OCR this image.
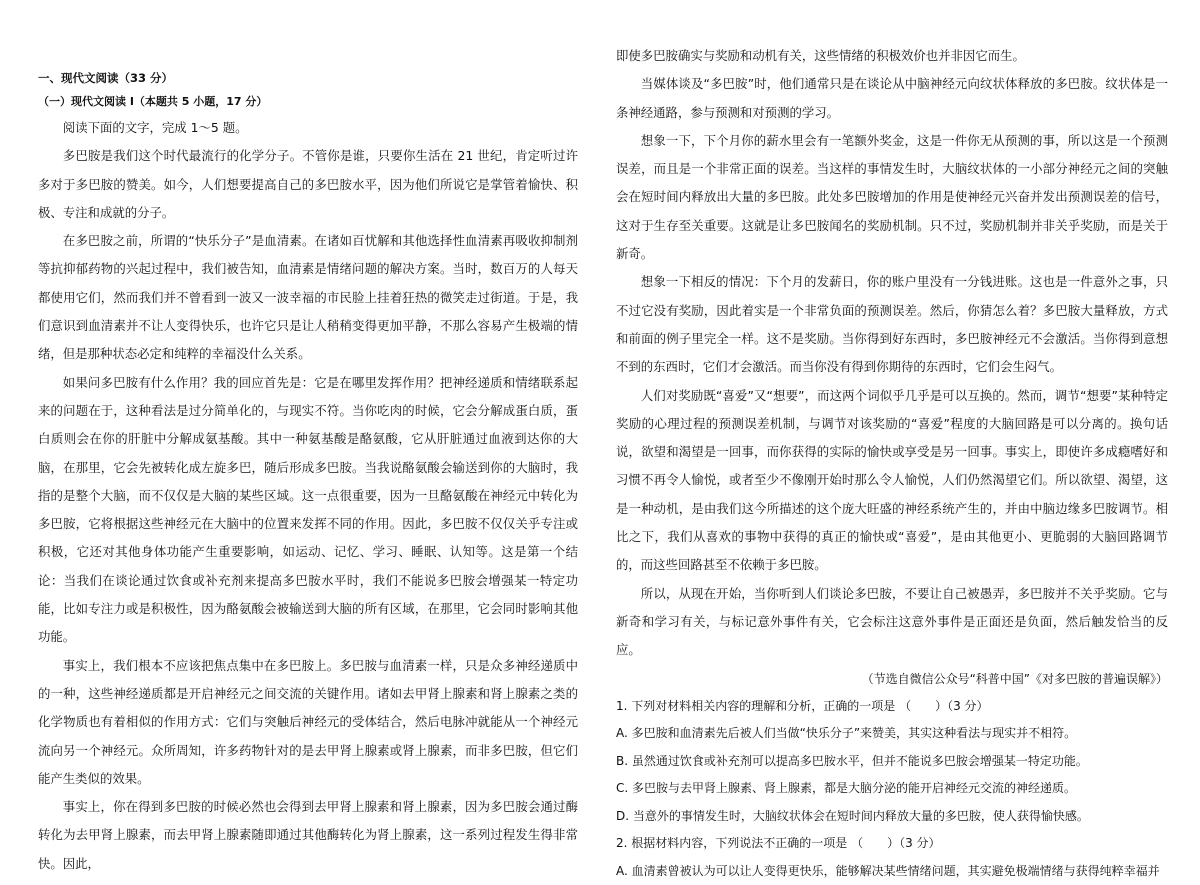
一、现代文阅读（33 分）

（一）现代文阅读 I（本题共 5 小题，17 分）

阅读下面的文字，完成 1～5 题。

多巴胺是我们这个时代最流行的化学分子。不管你是谁，只要你生活在 21 世纪，肯定听过许多对于多巴胺的赞美。如今，人们想要提高自己的多巴胺水平，因为他们所说它是掌管着愉快、积极、专注和成就的分子。

在多巴胺之前，所谓的“快乐分子”是血清素。在诸如百忧解和其他选择性血清素再吸收抑制剂等抗抑郁药物的兴起过程中，我们被告知，血清素是情绪问题的解决方案。当时，数百万的人每天都使用它们，然而我们并不曾看到一波又一波幸福的市民脸上挂着狂热的微笑走过街道。于是，我们意识到血清素并不让人变得快乐，也许它只是让人稍稍变得更加平静，不那么容易产生极端的情绪，但是那种状态必定和纯粹的幸福没什么关系。

如果问多巴胺有什么作用？我的回应首先是：它是在哪里发挥作用？把神经递质和情绪联系起来的问题在于，这种看法是过分简单化的，与现实不符。当你吃肉的时候，它会分解成蛋白质，蛋白质则会在你的肝脏中分解成氨基酸。其中一种氨基酸是酪氨酸，它从肝脏通过血液到达你的大脑，在那里，它会先被转化成左旋多巴，随后形成多巴胺。当我说酪氨酸会输送到你的大脑时，我指的是整个大脑，而不仅仅是大脑的某些区域。这一点很重要，因为一旦酪氨酸在神经元中转化为多巴胺，它将根据这些神经元在大脑中的位置来发挥不同的作用。因此，多巴胺不仅仅关乎专注或积极，它还对其他身体功能产生重要影响，如运动、记忆、学习、睡眠、认知等。这是第一个结论：当我们在谈论通过饮食或补充剂来提高多巴胺水平时，我们不能说多巴胺会增强某一特定功能，比如专注力或是积极性，因为酪氨酸会被输送到大脑的所有区域，在那里，它会同时影响其他功能。

事实上，我们根本不应该把焦点集中在多巴胺上。多巴胺与血清素一样，只是众多神经递质中的一种，这些神经递质都是开启神经元之间交流的关键作用。诸如去甲肾上腺素和肾上腺素之类的化学物质也有着相似的作用方式：它们与突触后神经元的受体结合，然后电脉冲就能从一个神经元流向另一个神经元。众所周知，许多药物针对的是去甲肾上腺素或肾上腺素，而非多巴胺，但它们能产生类似的效果。

事实上，你在得到多巴胺的时候必然也会得到去甲肾上腺素和肾上腺素，因为多巴胺会通过酶转化为去甲肾上腺素，而去甲肾上腺素随即通过其他酶转化为肾上腺素，这一系列过程发生得非常快。因此，

即使多巴胺确实与奖励和动机有关，这些情绪的积极效价也并非因它而生。

当媒体谈及“多巴胺”时，他们通常只是在谈论从中脑神经元向纹状体释放的多巴胺。纹状体是一条神经通路，参与预测和对预测的学习。

想象一下，下个月你的薪水里会有一笔额外奖金，这是一件你无从预测的事，所以这是一个预测误差，而且是一个非常正面的误差。当这样的事情发生时，大脑纹状体的一小部分神经元之间的突触会在短时间内释放出大量的多巴胺。此处多巴胺增加的作用是使神经元兴奋并发出预测误差的信号，这对于生存至关重要。这就是让多巴胺闻名的奖励机制。只不过，奖励机制并非关乎奖励，而是关于新奇。

想象一下相反的情况：下个月的发薪日，你的账户里没有一分钱进账。这也是一件意外之事，只不过它没有奖励，因此着实是一个非常负面的预测误差。然后，你猜怎么着？多巴胺大量释放，方式和前面的例子里完全一样。这不是奖励。当你得到好东西时，多巴胺神经元不会激活。当你得到意想不到的东西时，它们才会激活。而当你没有得到你期待的东西时，它们会生闷气。

人们对奖励既“喜爱”又“想要”，而这两个词似乎几乎是可以互换的。然而，调节“想要”某种特定奖励的心理过程的预测误差机制，与调节对该奖励的“喜爱”程度的大脑回路是可以分离的。换句话说，欲望和渴望是一回事，而你获得的实际的愉快或享受是另一回事。事实上，即使许多成瘾嗜好和习惯不再令人愉悦，或者至少不像刚开始时那么令人愉悦，人们仍然渴望它们。所以欲望、渴望，这是一种动机，是由我们这今所描述的这个庞大旺盛的神经系统产生的，并由中脑边缘多巴胺调节。相比之下，我们从喜欢的事物中获得的真正的愉快或“喜爱”，是由其他更小、更脆弱的大脑回路调节的，而这些回路甚至不依赖于多巴胺。

所以，从现在开始，当你听到人们谈论多巴胺，不要让自己被愚弄，多巴胺并不关乎奖励。它与新奇和学习有关，与标记意外事件有关，它会标注这意外事件是正面还是负面，然后触发恰当的反应。

（节选自微信公众号“科普中国”《对多巴胺的普遍误解》）

1. 下列对材料相关内容的理解和分析，正确的一项是 （　　）（3 分）

A. 多巴胺和血清素先后被人们当做“快乐分子”来赞美，其实这种看法与现实并不相符。

B. 虽然通过饮食或补充剂可以提高多巴胺水平，但并不能说多巴胺会增强某一特定功能。

C. 多巴胺与去甲肾上腺素、肾上腺素，都是大脑分泌的能开启神经元交流的神经递质。

D. 当意外的事情发生时，大脑纹状体会在短时间内释放大量的多巴胺，使人获得愉快感。

2. 根据材料内容，下列说法不正确的一项是 （　　）（3 分）

A. 血清素曾被认为可以让人变得更快乐，能够解决某些情绪问题，其实避免极端情绪与获得纯粹幸福并
